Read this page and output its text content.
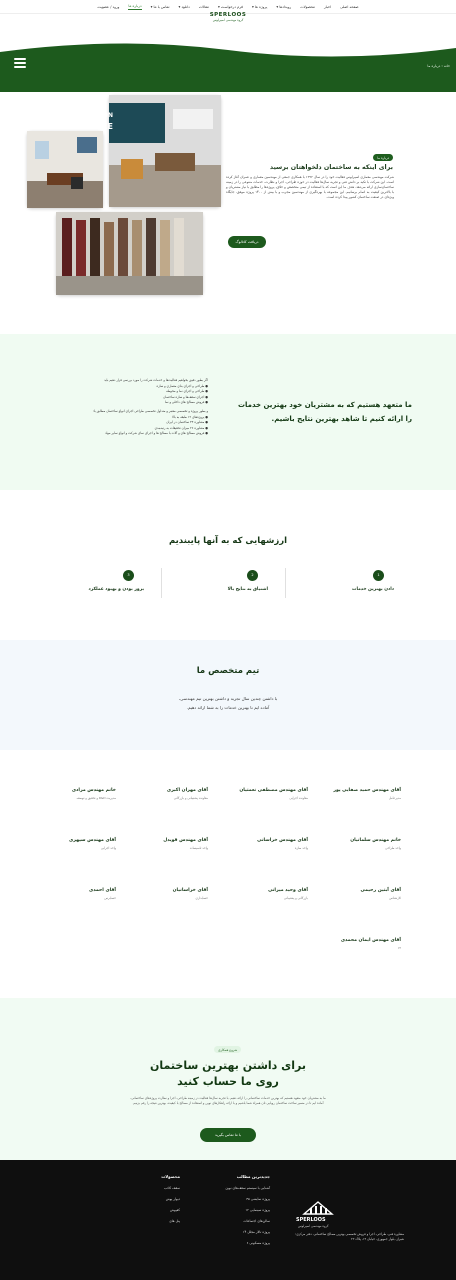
صفحه اصلی
اخبار
محصولات
رویدادها ▾
پروژه ها ▾
فرم درخواست ▾
مقالات
دانلود ▾
تماس با ما ▾
درباره ما
ورود / عضویت
SPERLOOS
گروه مهندسی اسپرلوس
خانه › درباره ما
YOUR VISION
WORK FORCE
درباره ما
برای اینکه به ساختمان دلخواهتان برسید
شرکت مهندسی معماری اسپرلوس فعالیت خود را در سال ۱۳۹۲ با همکاری جمعی از مهندسین معماری و عمران آغاز کرده است. این شرکت با تکیه بر دانش فنی و تجربه سال‌ها فعالیت در حوزه طراحی، اجرا و نظارت، خدمات متنوعی را در زمینه ساختمان‌سازی ارائه می‌دهد. هدف ما این است که با استفاده از تیمی متخصص و خلاق، پروژه‌ها را مطابق با نیاز مشتریان و با بالاترین کیفیت به اتمام برسانیم. این مجموعه با بهره‌گیری از مهندسین مجرب و با بیش از ۱۴۰۰ پروژه موفق، جایگاه ویژه‌ای در صنعت ساختمان کشور پیدا کرده است.
دریافت کاتالوگ
ما متعهد هستیم که به مشتریان خود بهترین خدمات را ارائه کنیم تا شاهد بهترین نتایج باشیم.
اگر بطور دقیق بخواهیم فعالیت‌ها و خدمات شرکت را مورد بررسی قرار دهیم باید
● طراحی و اجرای بنای معماری و سازه
● طراحی و اجرای نما و محوطه
● اجرای سقف‌ها و سازه ساختمان
● فروش مصالح های داخلی و نما
و بطور پروژه و تخصصی معتبر و متداول تخصصی طراحی اجرای انواع ساختمان مطابق با:
● پروژه‌های ۱۲ طبقه به بالا
● مشاوره ۳۴ ساختمان در ایران
● مشاوره ۲۶ میزان تحقیقات به رتبه‌بندی
● فروش مصالح های و آلات با مصالح ها و اجرای نمای شرکت و انواع سایر مواد
ارزشهایی که به آنها پایبندیم
1
دادن بهترین خدمات
2
اشتیاق به نتایج بالا
3
بروز بودن و بهبود عملکرد
تیم متخصص ما
با داشتن چندین سال تجربه و داشتن بهترین تیم مهندسی،
آماده ایم تا بهترین خدمات را به شما ارائه دهیم.
آقای مهندس حمید صفایی پور
مدیرعامل
آقای مهندس مصطفی نعمتیان
معاونت اجرایی
آقای مهران اکبری
معاونت پشتیبانی و بازرگانی
خانم مهندس مرادی
مدیریت R&D و تحقیق و توسعه
خانم مهندس سلمانیان
واحد طراحی
آقای مهندس خراسانی
واحد سازه
آقای مهندس قویدل
واحد تاسیسات
آقای مهندس سپهری
واحد اجرایی
آقای آبتین رحیمی
کارشناس
آقای وحید میرانی
بازرگانی و پشتیبانی
آقای خراسانیان
حسابداری
آقای احمدی
حسابرس
آقای مهندس ایمان محمدی
IT
شروع همکاری
برای داشتن بهترین ساختمان
روی ما حساب کنید
ما به مشتریان خود متعهد هستیم که بهترین خدمات ساختمانی را ارائه دهیم. با تجربه سال‌ها فعالیت در زمینه طراحی، اجرا و نظارت پروژه‌های ساختمانی، آماده ایم تا در مسیر ساخت ساختمان رویایی تان همراه شما باشیم و با ارائه راهکارهای نوین و استفاده از مصالح با کیفیت، بهترین نتیجه را رقم بزنیم.
با ما تماس بگیرید
SPERLOOS
گروه مهندسی اسپرلوس
مشاوره فنی، طراحی، اجرا و فروش تخصصی بهترین مصالح ساختمانی. دفتر مرکزی: شیراز، بلوار جمهوری، خیابان ۱۴، پلاک ۲۲
جدیدترین مطالب
آشنایی با سیستم سقف‌های نوین
پروژه نمایشی ۳۵
پروژه سینمایی ۱۲
سالن‌های اجتماعات
پروژه تالار مجلل ۱۴
پروژه مسکونی ۶
محصولات
سقف کاذب
دیوار پوش
کفپوش
پنل های
